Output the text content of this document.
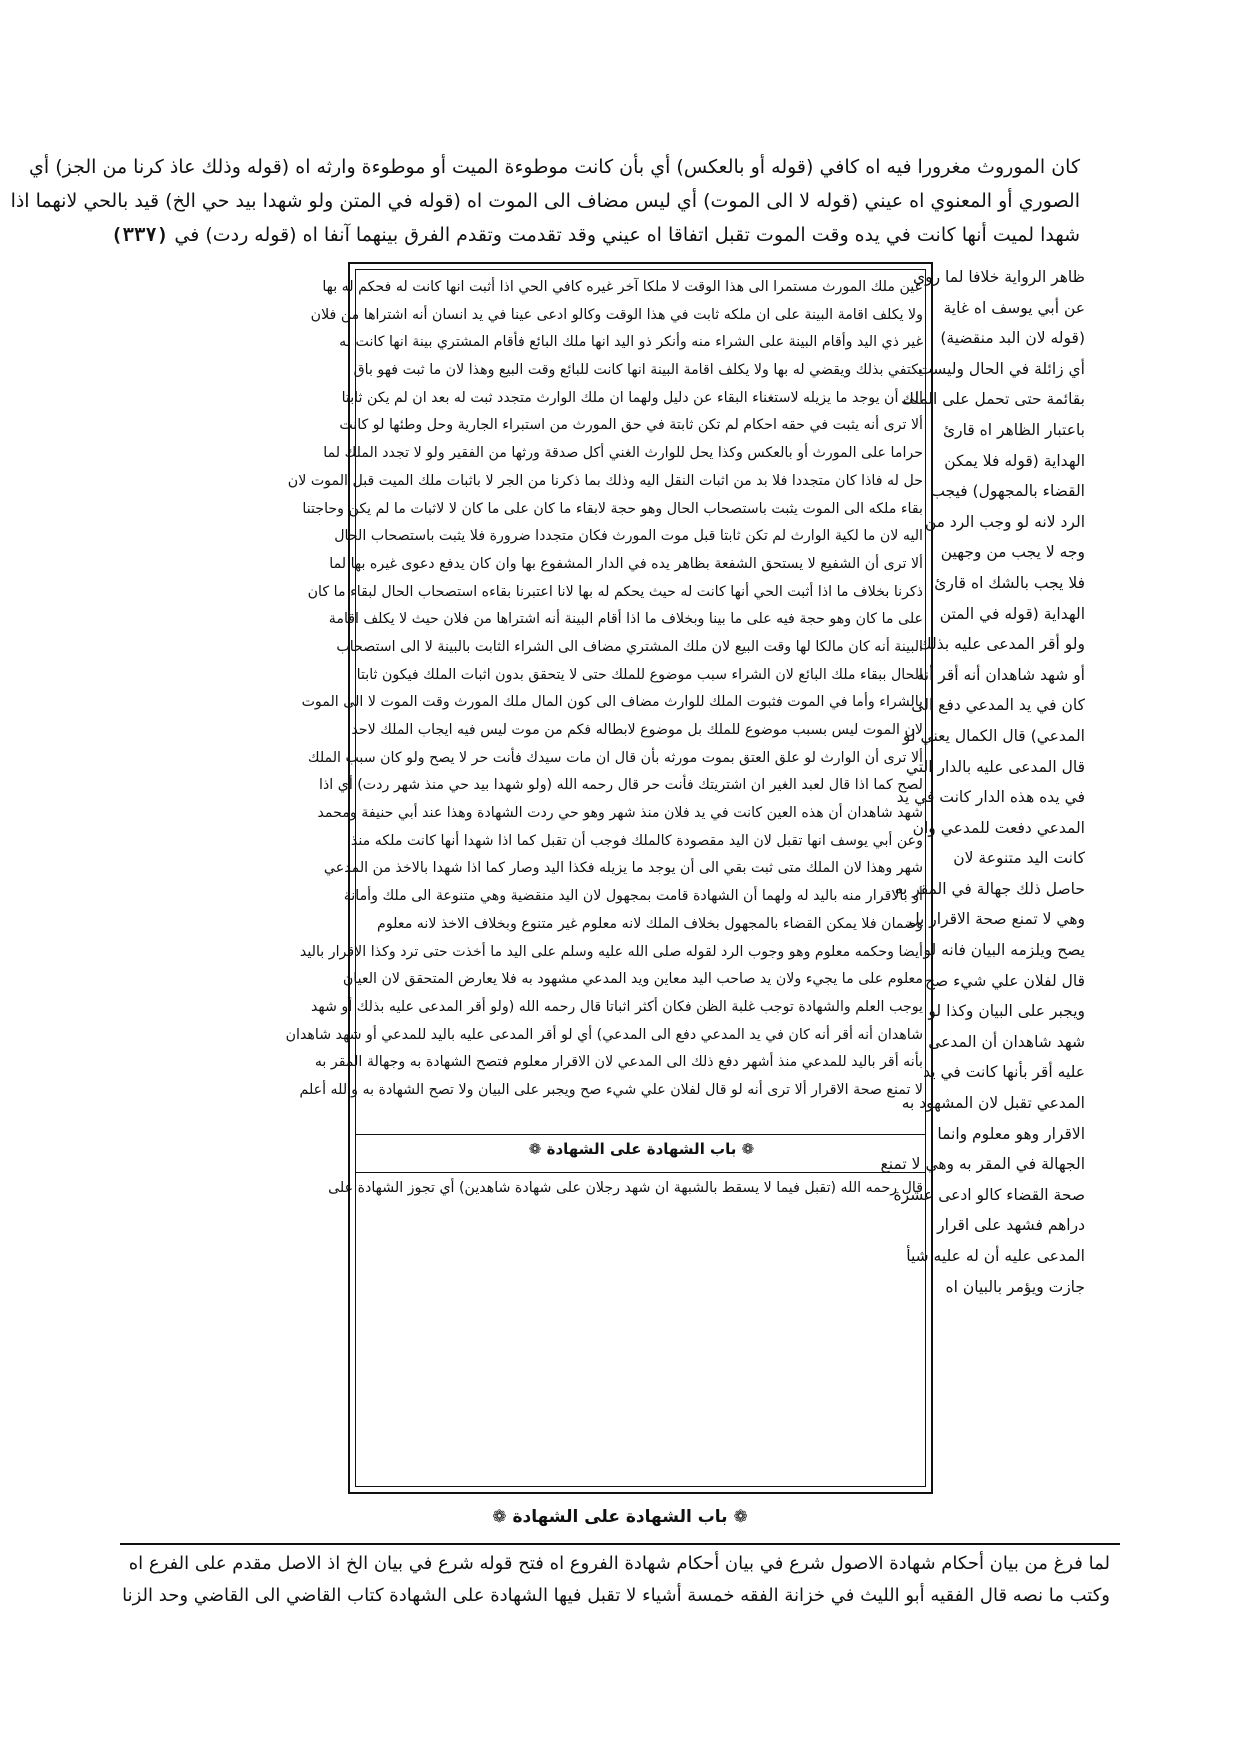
كان الموروث مغرورا فيه اه كافي (قوله أو بالعكس) أي بأن كانت موطوءة الميت أو موطوءة وارثه اه (قوله وذلك عاذ كرنا من الجز) أي
الصوري أو المعنوي اه عيني (قوله لا الى الموت) أي ليس مضاف الى الموت اه (قوله في المتن ولو شهدا بيد حي الخ) قيد بالحي لانهما اذا
شهدا لميت أنها كانت في يده وقت الموت تقبل اتفاقا اه عيني وقد تقدمت وتقدم الفرق بينهما آنفا اه (قوله ردت) في (٣٣٧)
ظاهر الرواية خلافا لما روي
عن أبي يوسف اه غاية
(قوله لان البد منقضية)
أي زائلة في الحال وليست
بقائمة حتى تحمل على الملك
باعتبار الظاهر اه قارئ
الهداية (قوله فلا يمكن
القضاء بالمجهول) فيجب
الرد لانه لو وجب الرد من
وجه لا يجب من وجهين
فلا يجب بالشك اه قارئ
الهداية (قوله في المتن
ولو أقر المدعى عليه بذلك
أو شهد شاهدان أنه أقر أنه
كان في يد المدعي دفع الى
المدعي) قال الكمال يعني لو
قال المدعى عليه بالدار التي
في يده هذه الدار كانت في يد
المدعي دفعت للمدعي وان
كانت اليد متنوعة لان
حاصل ذلك جهالة في المقر به
وهي لا تمنع صحة الاقرار بل
يصح ويلزمه البيان فانه لو
قال لفلان علي شيء صح
ويجبر على البيان وكذا لو
شهد شاهدان أن المدعى
عليه أقر بأنها كانت في يد
المدعي تقبل لان المشهود به
الاقرار وهو معلوم وانما
الجهالة في المقر به وهي لا تمنع
صحة القضاء كالو ادعى عشرة
دراهم فشهد على اقرار
المدعى عليه أن له عليه شيأ
جازت ويؤمر بالبيان اه
عين ملك المورث مستمرا الى هذا الوقت لا ملكا آخر غيره كافي الحي اذا أثبت انها كانت له فحكم له بها
ولا يكلف اقامة البينة على ان ملكه ثابت في هذا الوقت وكالو ادعى عينا في يد انسان أنه اشتراها من فلان
غير ذي اليد وأقام البينة على الشراء منه وأنكر ذو اليد انها ملك البائع فأقام المشتري بينة انها كانت له
يكتفي بذلك ويقضي له بها ولا يكلف اقامة البينة انها كانت للبائع وقت البيع وهذا لان ما ثبت فهو باق
الى أن يوجد ما يزيله لاستغناء البقاء عن دليل ولهما ان ملك الوارث متجدد ثبت له بعد ان لم يكن ثابتا
ألا ترى أنه يثبت في حقه احكام لم تكن ثابتة في حق المورث من استبراء الجارية وحل وطئها لو كانت
حراما على المورث أو بالعكس وكذا يحل للوارث الغني أكل صدقة ورثها من الفقير ولو لا تجدد الملك لما
حل له فاذا كان متجددا فلا بد من اثبات النقل اليه وذلك بما ذكرنا من الجر لا باثبات ملك الميت قبل الموت لان
بقاء ملكه الى الموت يثبت باستصحاب الحال وهو حجة لابقاء ما كان على ما كان لا لاثبات ما لم يكن وحاجتنا
اليه لان ما لكية الوارث لم تكن ثابتا قبل موت المورث فكان متجددا ضرورة فلا يثبت باستصحاب الحال
ألا ترى أن الشفيع لا يستحق الشفعة بظاهر يده في الدار المشفوع بها وان كان يدفع دعوى غيره بها لما
ذكرنا بخلاف ما اذا أثبت الحي أنها كانت له حيث يحكم له بها لانا اعتبرنا بقاءه استصحاب الحال لبقاء ما كان
على ما كان وهو حجة فيه على ما بينا وبخلاف ما اذا أقام البينة أنه اشتراها من فلان حيث لا يكلف اقامة
البينة أنه كان مالكا لها وقت البيع لان ملك المشتري مضاف الى الشراء الثابت بالبينة لا الى استصحاب
الحال ببقاء ملك البائع لان الشراء سبب موضوع للملك حتى لا يتحقق بدون اثبات الملك فيكون ثابتا
بالشراء وأما في الموت فثبوت الملك للوارث مضاف الى كون المال ملك المورث وقت الموت لا الى الموت
لان الموت ليس بسبب موضوع للملك بل موضوع لابطاله فكم من موت ليس فيه ايجاب الملك لاحد
ألا ترى أن الوارث لو علق العتق بموت مورثه بأن قال ان مات سيدك فأنت حر لا يصح ولو كان سبب الملك
لصح كما اذا قال لعبد الغير ان اشتريتك فأنت حر قال رحمه الله (ولو شهدا بيد حي منذ شهر ردت) أي اذا
شهد شاهدان أن هذه العين كانت في يد فلان منذ شهر وهو حي ردت الشهادة وهذا عند أبي حنيفة ومحمد
وعن أبي يوسف انها تقبل لان اليد مقصودة كالملك فوجب أن تقبل كما اذا شهدا أنها كانت ملكه منذ
شهر وهذا لان الملك متى ثبت بقي الى أن يوجد ما يزيله فكذا اليد وصار كما اذا شهدا بالاخذ من المدعي
أو بالاقرار منه باليد له ولهما أن الشهادة قامت بمجهول لان اليد منقضية وهي متنوعة الى ملك وأمانة
وضمان فلا يمكن القضاء بالمجهول بخلاف الملك لانه معلوم غير متنوع وبخلاف الاخذ لانه معلوم
أيضا وحكمه معلوم وهو وجوب الرد لقوله صلى الله عليه وسلم على اليد ما أخذت حتى ترد وكذا الاقرار باليد
معلوم على ما يجيء ولان يد صاحب اليد معاين ويد المدعي مشهود به فلا يعارض المتحقق لان العيان
يوجب العلم والشهادة توجب غلبة الظن فكان أكثر اثباتا قال رحمه الله (ولو أقر المدعى عليه بذلك أو شهد
شاهدان أنه أقر أنه كان في يد المدعي دفع الى المدعي) أي لو أقر المدعى عليه باليد للمدعي أو شهد شاهدان
بأنه أقر باليد للمدعي منذ أشهر دفع ذلك الى المدعي لان الاقرار معلوم فتصح الشهادة به وجهالة المقر به
لا تمنع صحة الاقرار ألا ترى أنه لو قال لفلان علي شيء صح ويجبر على البيان ولا تصح الشهادة به والله أعلم
❁ باب الشهادة على الشهادة ❁
قال رحمه الله (تقبل فيما لا يسقط بالشبهة ان شهد رجلان على شهادة شاهدين) أي تجوز الشهادة على
❁ باب الشهادة على الشهادة ❁
لما فرغ من بيان أحكام شهادة الاصول شرع في بيان أحكام شهادة الفروع اه فتح قوله شرع في بيان الخ اذ الاصل مقدم على الفرع اه
وكتب ما نصه قال الفقيه أبو الليث في خزانة الفقه خمسة أشياء لا تقبل فيها الشهادة على الشهادة كتاب القاضي الى القاضي وحد الزنا
